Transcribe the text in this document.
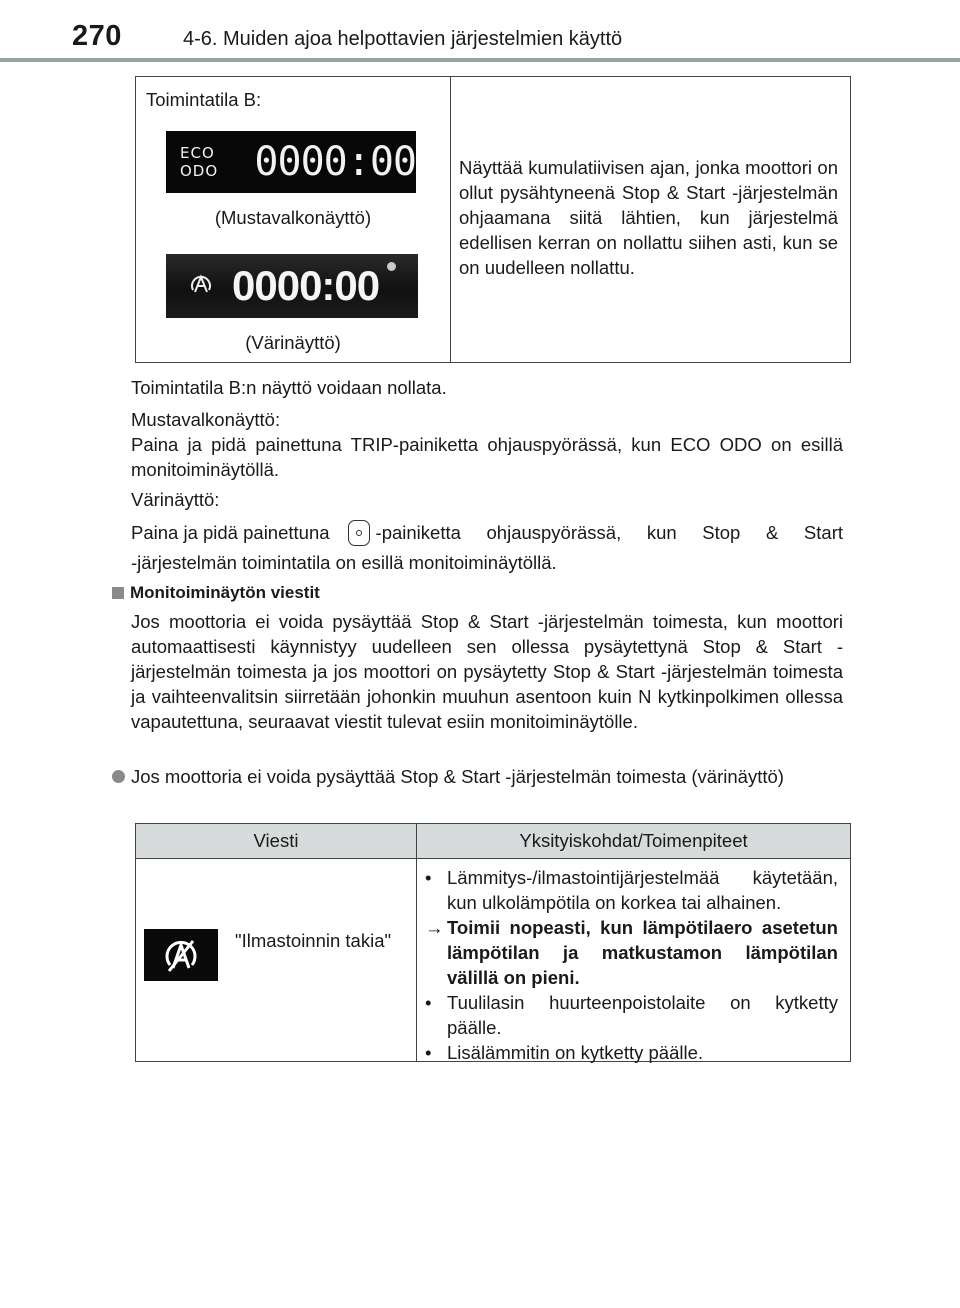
270	4-6. Muiden ajoa helpottavien järjestelmien käyttö
Toimintatila B:
ECO ODO 0000:00
(Mustavalkonäyttö)
0000:00
(Värinäyttö)
Näyttää kumulatiivisen ajan, jonka moottori on ollut pysähtyneenä Stop & Start -järjestelmän ohjaamana siitä lähtien, kun järjestelmä edellisen kerran on nollattu siihen asti, kun se on uudelleen nollattu.
Toimintatila B:n näyttö voidaan nollata.
Mustavalkonäyttö:
Paina ja pidä painettuna TRIP-painiketta ohjauspyörässä, kun ECO ODO on esillä monitoiminäytöllä.
Värinäyttö:
Paina ja pidä painettuna -painiketta ohjauspyörässä, kun Stop & Start
-järjestelmän toimintatila on esillä monitoiminäytöllä.
Monitoiminäytön viestit
Jos moottoria ei voida pysäyttää Stop & Start -järjestelmän toimesta, kun moottori automaattisesti käynnistyy uudelleen sen ollessa pysäytettynä Stop & Start -järjestelmän toimesta ja jos moottori on pysäytetty Stop & Start -järjestelmän toimesta ja vaihteenvalitsin siirretään johonkin muuhun asentoon kuin N kytkinpolkimen ollessa vapautettuna, seuraavat viestit tulevat esiin monitoiminäytölle.
Jos moottoria ei voida pysäyttää Stop & Start -järjestelmän toimesta (värinäyttö)
Viesti	Yksityiskohdat/Toimenpiteet
"Ilmastoinnin takia"
• Lämmitys-/ilmastointijärjestelmää käytetään, kun ulkolämpötila on korkea tai alhainen.
→ Toimii nopeasti, kun lämpötilaero asetetun lämpötilan ja matkustamon lämpötilan välillä on pieni.
• Tuulilasin huurteenpoistolaite on kytketty päälle.
• Lisälämmitin on kytketty päälle.
